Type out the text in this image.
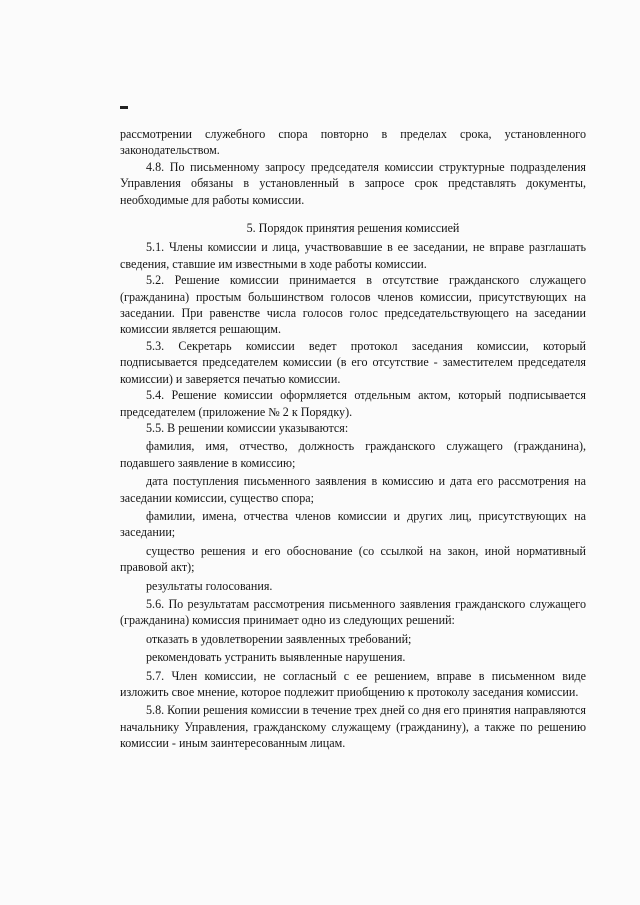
рассмотрении служебного спора повторно в пределах срока, установленного законодательством.

4.8. По письменному запросу председателя комиссии структурные подразделения Управления обязаны в установленный в запросе срок представлять документы, необходимые для работы комиссии.

5. Порядок принятия решения комиссией

5.1. Члены комиссии и лица, участвовавшие в ее заседании, не вправе разглашать сведения, ставшие им известными в ходе работы комиссии.

5.2. Решение комиссии принимается в отсутствие гражданского служащего (гражданина) простым большинством голосов членов комиссии, присутствующих на заседании. При равенстве числа голосов голос председательствующего на заседании комиссии является решающим.

5.3. Секретарь комиссии ведет протокол заседания комиссии, который подписывается председателем комиссии (в его отсутствие - заместителем председателя комиссии) и заверяется печатью комиссии.

5.4. Решение комиссии оформляется отдельным актом, который подписывается председателем (приложение № 2 к Порядку).

5.5. В решении комиссии указываются:

фамилия, имя, отчество, должность гражданского служащего (гражданина), подавшего заявление в комиссию;

дата поступления письменного заявления в комиссию и дата его рассмотрения на заседании комиссии, существо спора;

фамилии, имена, отчества членов комиссии и других лиц, присутствующих на заседании;

существо решения и его обоснование (со ссылкой на закон, иной нормативный правовой акт);

результаты голосования.

5.6. По результатам рассмотрения письменного заявления гражданского служащего (гражданина) комиссия принимает одно из следующих решений:

отказать в удовлетворении заявленных требований;

рекомендовать устранить выявленные нарушения.

5.7. Член комиссии, не согласный с ее решением, вправе в письменном виде изложить свое мнение, которое подлежит приобщению к протоколу заседания комиссии.

5.8. Копии решения комиссии в течение трех дней со дня его принятия направляются начальнику Управления, гражданскому служащему (гражданину), а также по решению комиссии - иным заинтересованным лицам.
